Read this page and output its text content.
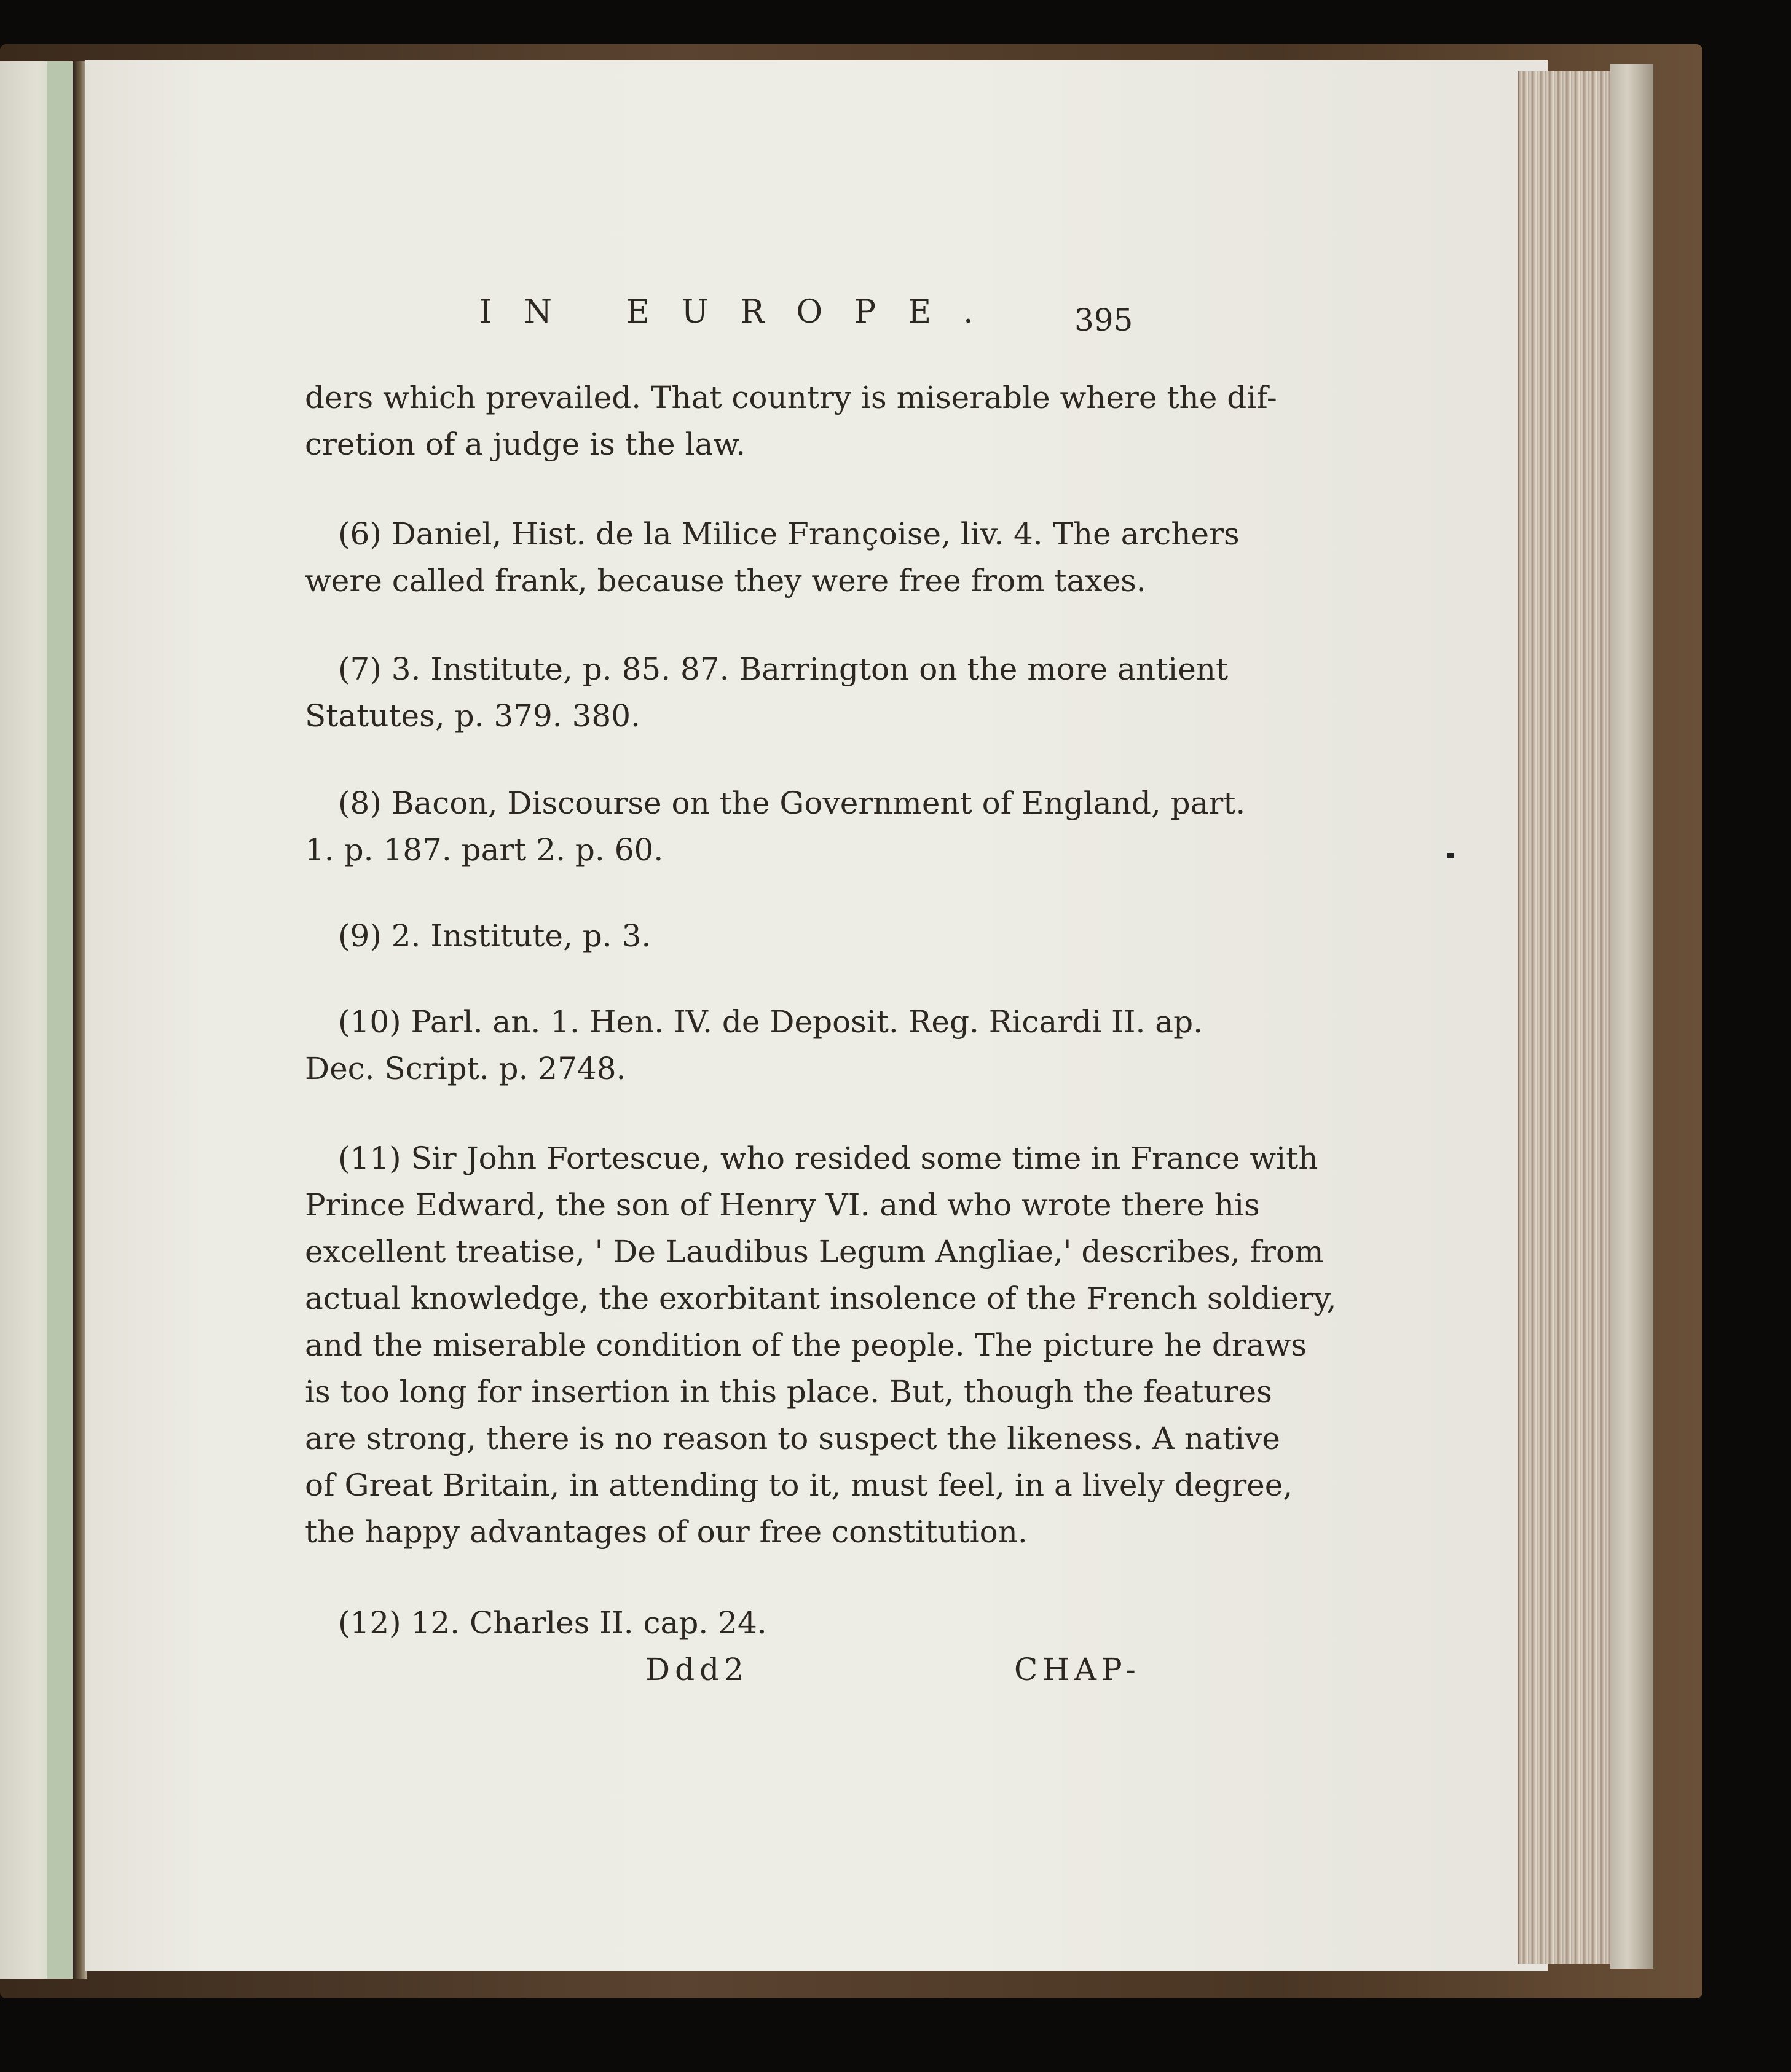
IN EUROPE. 395
ders which prevailed. That country is miserable where the dif-
cretion of a judge is the law.
(6) Daniel, Hist. de la Milice Françoise, liv. 4. The archers
were called frank, because they were free from taxes.
(7) 3. Institute, p. 85. 87. Barrington on the more antient
Statutes, p. 379. 380.
(8) Bacon, Discourse on the Government of England, part.
1. p. 187. part 2. p. 60.
(9) 2. Institute, p. 3.
(10) Parl. an. 1. Hen. IV. de Deposit. Reg. Ricardi II. ap.
Dec. Script. p. 2748.
(11) Sir John Fortescue, who resided some time in France with
Prince Edward, the son of Henry VI. and who wrote there his
excellent treatise, ' De Laudibus Legum Angliae,' describes, from
actual knowledge, the exorbitant insolence of the French soldiery,
and the miserable condition of the people. The picture he draws
is too long for insertion in this place. But, though the features
are strong, there is no reason to suspect the likeness. A native
of Great Britain, in attending to it, must feel, in a lively degree,
the happy advantages of our free constitution.
(12) 12. Charles II. cap. 24.
Ddd2	CHAP-
